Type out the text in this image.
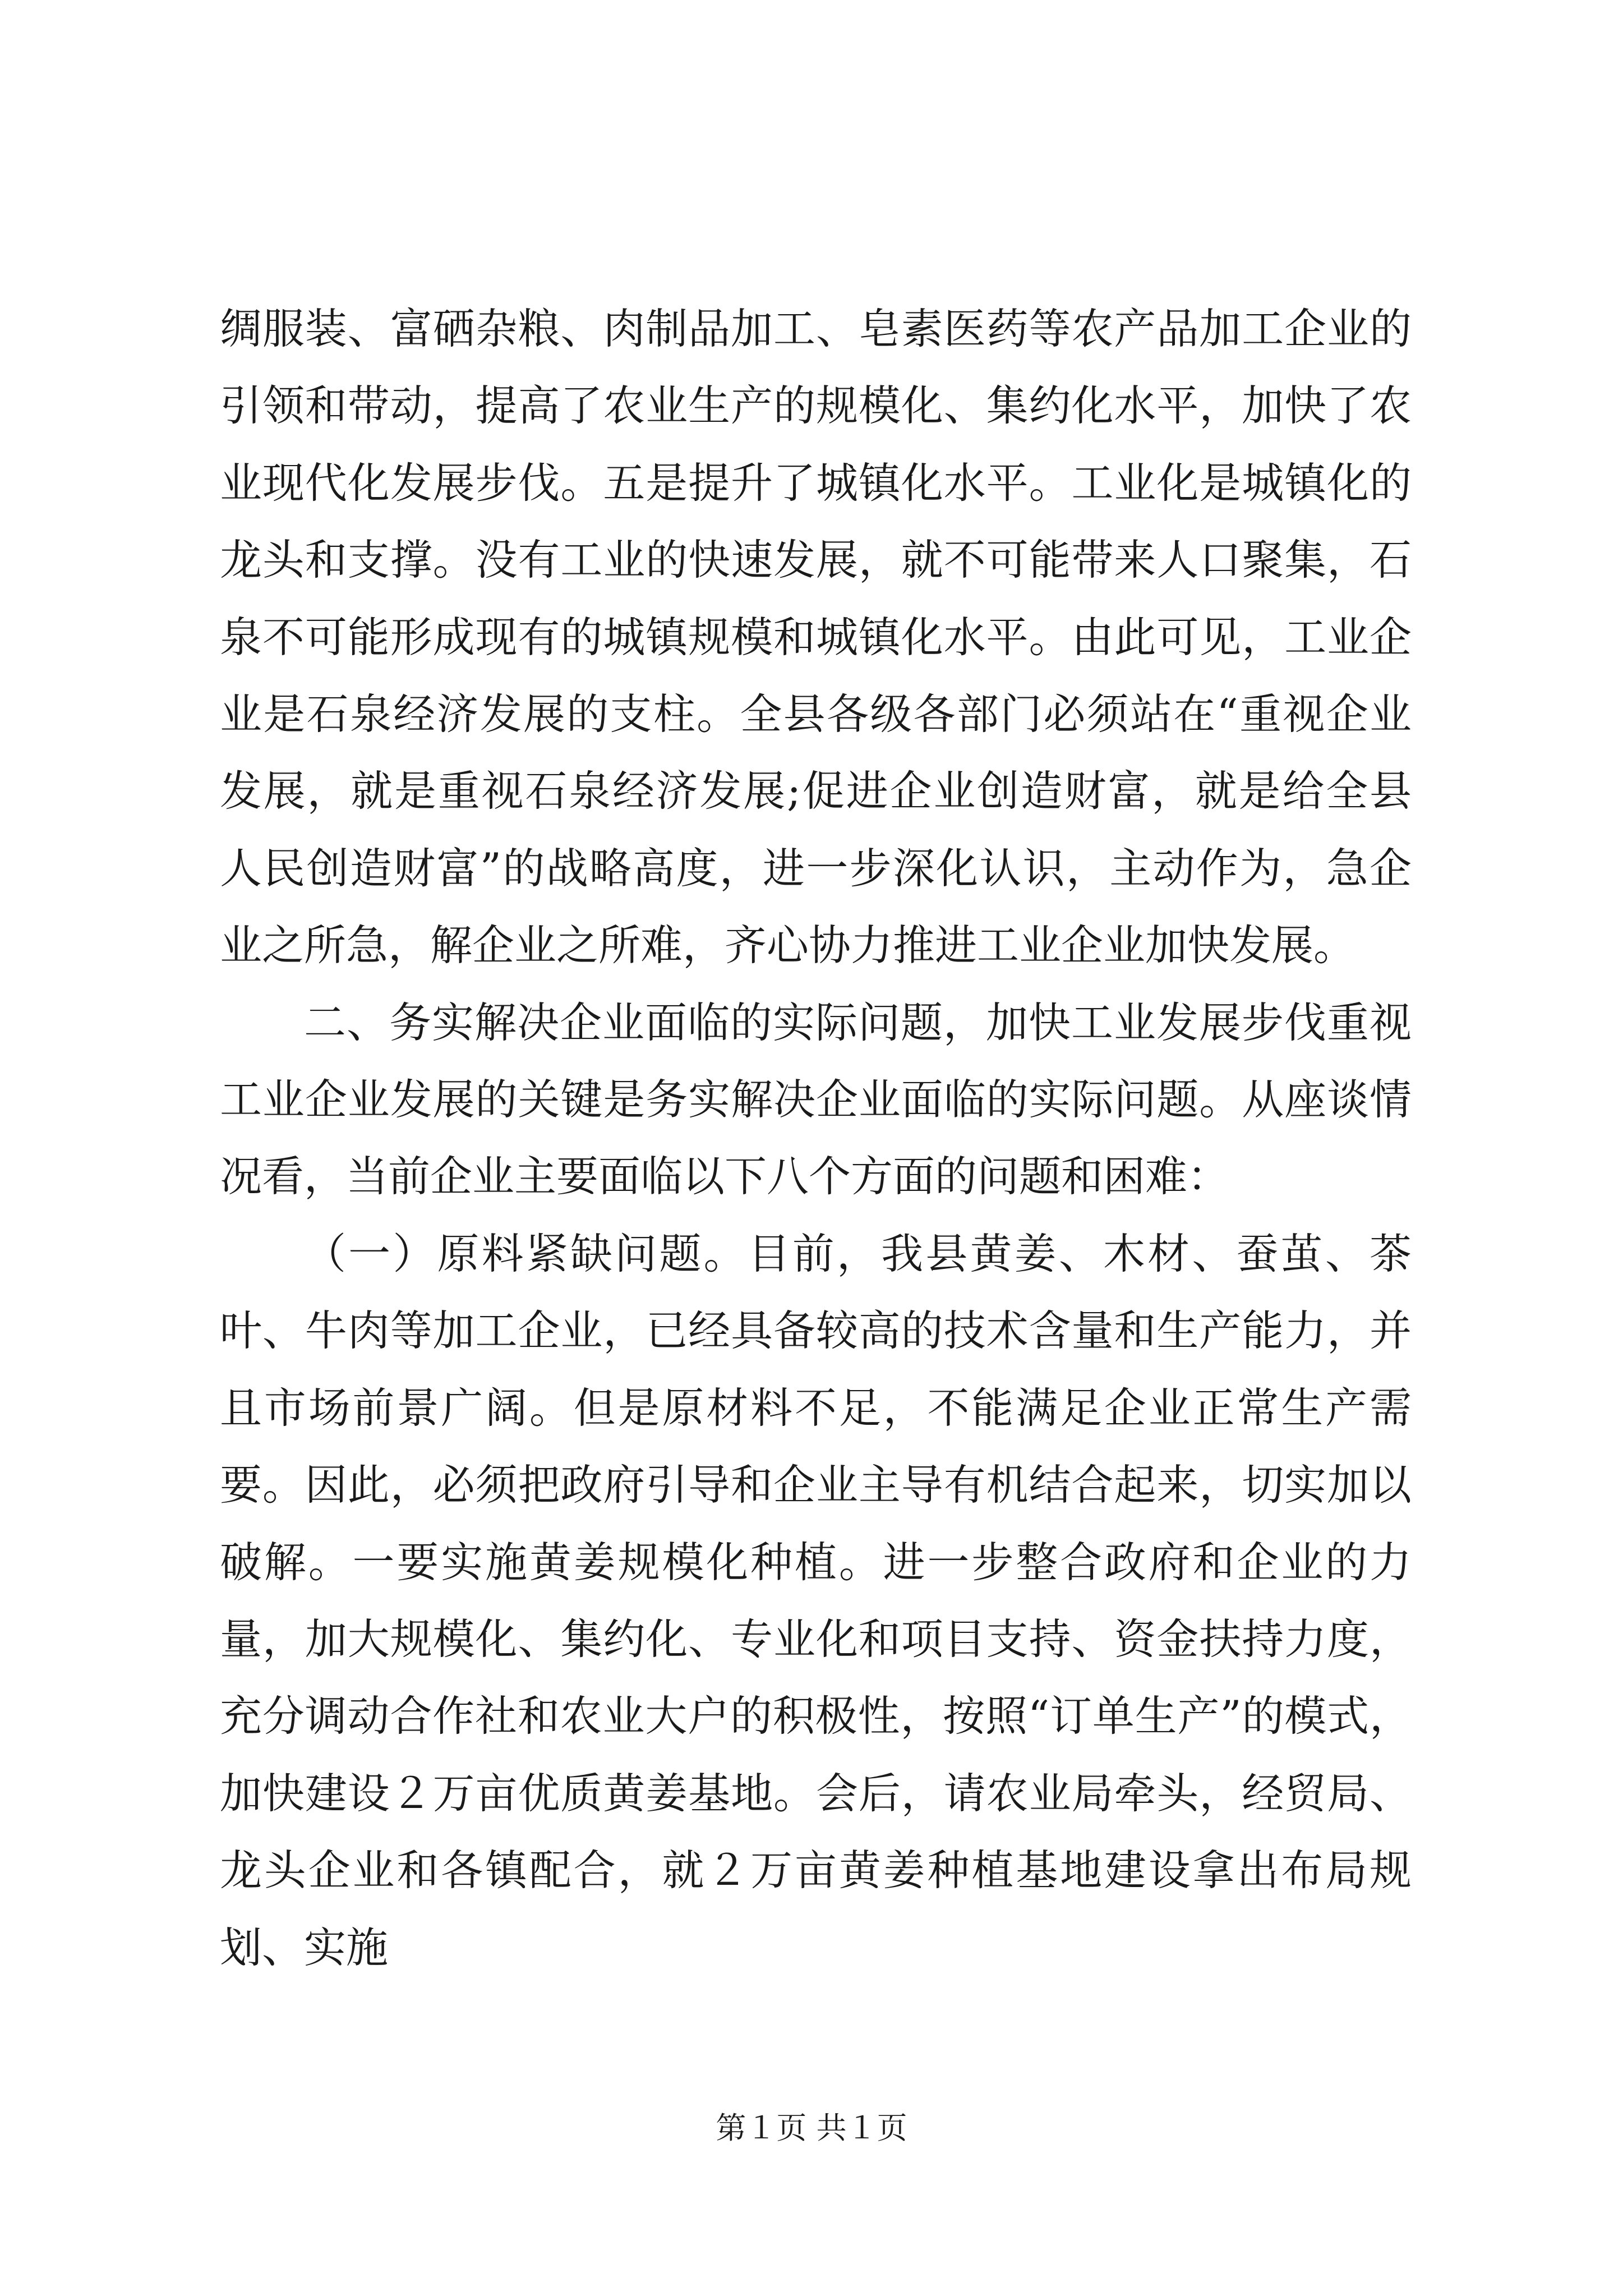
绸服装、富硒杂粮、肉制品加工、皂素医药等农产品加工企业的引领和带动，提高了农业生产的规模化、集约化水平，加快了农业现代化发展步伐。五是提升了城镇化水平。工业化是城镇化的龙头和支撑。没有工业的快速发展，就不可能带来人口聚集，石泉不可能形成现有的城镇规模和城镇化水平。由此可见，工业企业是石泉经济发展的支柱。全县各级各部门必须站在“重视企业发展，就是重视石泉经济发展;促进企业创造财富，就是给全县人民创造财富”的战略高度，进一步深化认识，主动作为，急企业之所急，解企业之所难，齐心协力推进工业企业加快发展。

二、务实解决企业面临的实际问题，加快工业发展步伐重视工业企业发展的关键是务实解决企业面临的实际问题。从座谈情况看，当前企业主要面临以下八个方面的问题和困难：

（一）原料紧缺问题。目前，我县黄姜、木材、蚕茧、茶叶、牛肉等加工企业，已经具备较高的技术含量和生产能力，并且市场前景广阔。但是原材料不足，不能满足企业正常生产需要。因此，必须把政府引导和企业主导有机结合起来，切实加以破解。一要实施黄姜规模化种植。进一步整合政府和企业的力量，加大规模化、集约化、专业化和项目支持、资金扶持力度，充分调动合作社和农业大户的积极性，按照“订单生产”的模式，加快建设２万亩优质黄姜基地。会后，请农业局牵头，经贸局、龙头企业和各镇配合，就２万亩黄姜种植基地建设拿出布局规划、实施

第１页 共１页
